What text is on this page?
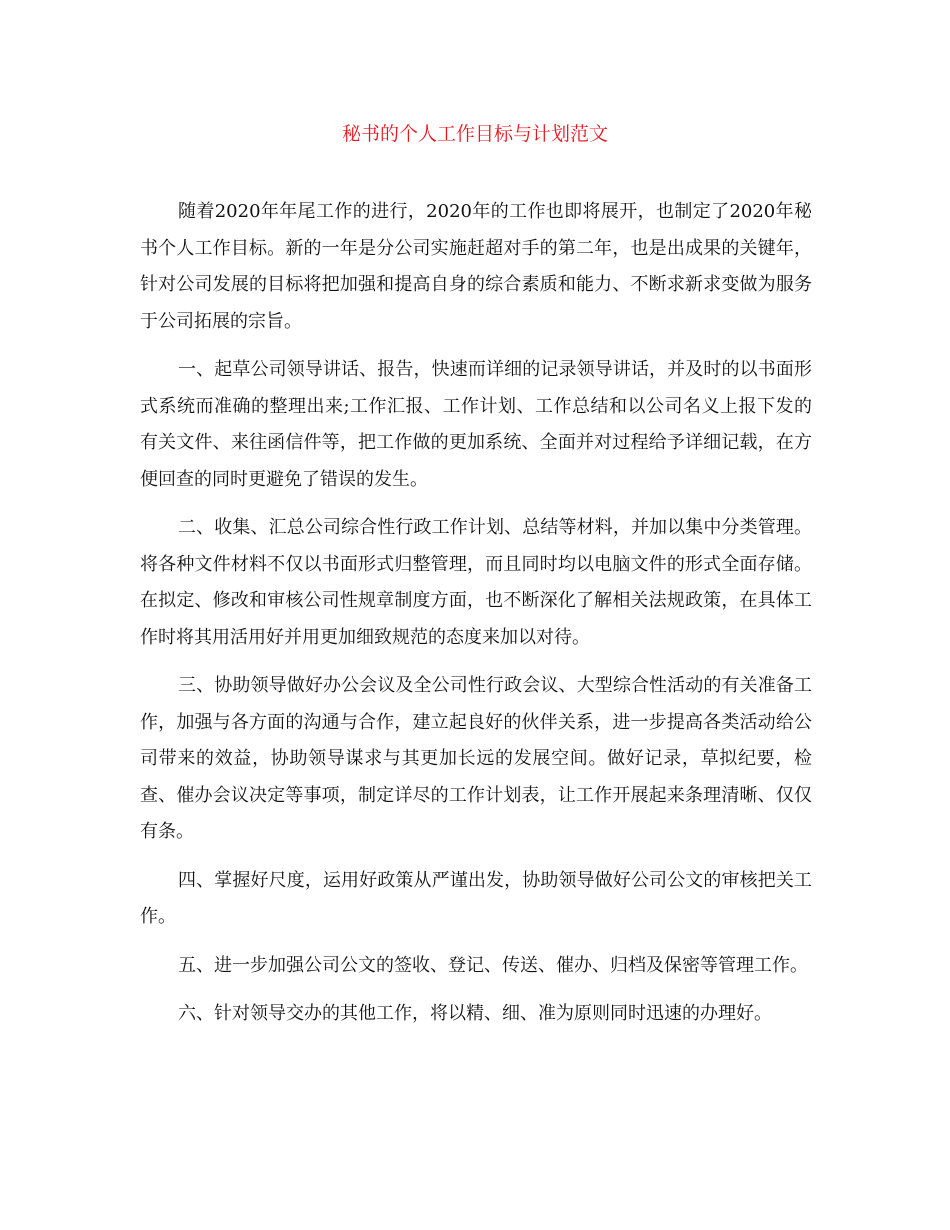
秘书的个人工作目标与计划范文

随着2020年年尾工作的进行，2020年的工作也即将展开，也制定了2020年秘书个人工作目标。新的一年是分公司实施赶超对手的第二年，也是出成果的关键年，针对公司发展的目标将把加强和提高自身的综合素质和能力、不断求新求变做为服务于公司拓展的宗旨。

一、起草公司领导讲话、报告，快速而详细的记录领导讲话，并及时的以书面形式系统而准确的整理出来;工作汇报、工作计划、工作总结和以公司名义上报下发的有关文件、来往函信件等，把工作做的更加系统、全面并对过程给予详细记载，在方便回查的同时更避免了错误的发生。

二、收集、汇总公司综合性行政工作计划、总结等材料，并加以集中分类管理。将各种文件材料不仅以书面形式归整管理，而且同时均以电脑文件的形式全面存储。在拟定、修改和审核公司性规章制度方面，也不断深化了解相关法规政策，在具体工作时将其用活用好并用更加细致规范的态度来加以对待。

三、协助领导做好办公会议及全公司性行政会议、大型综合性活动的有关准备工作，加强与各方面的沟通与合作，建立起良好的伙伴关系，进一步提高各类活动给公司带来的效益，协助领导谋求与其更加长远的发展空间。做好记录，草拟纪要，检查、催办会议决定等事项，制定详尽的工作计划表，让工作开展起来条理清晰、仅仅有条。

四、掌握好尺度，运用好政策从严谨出发，协助领导做好公司公文的审核把关工作。

五、进一步加强公司公文的签收、登记、传送、催办、归档及保密等管理工作。

六、针对领导交办的其他工作，将以精、细、准为原则同时迅速的办理好。
